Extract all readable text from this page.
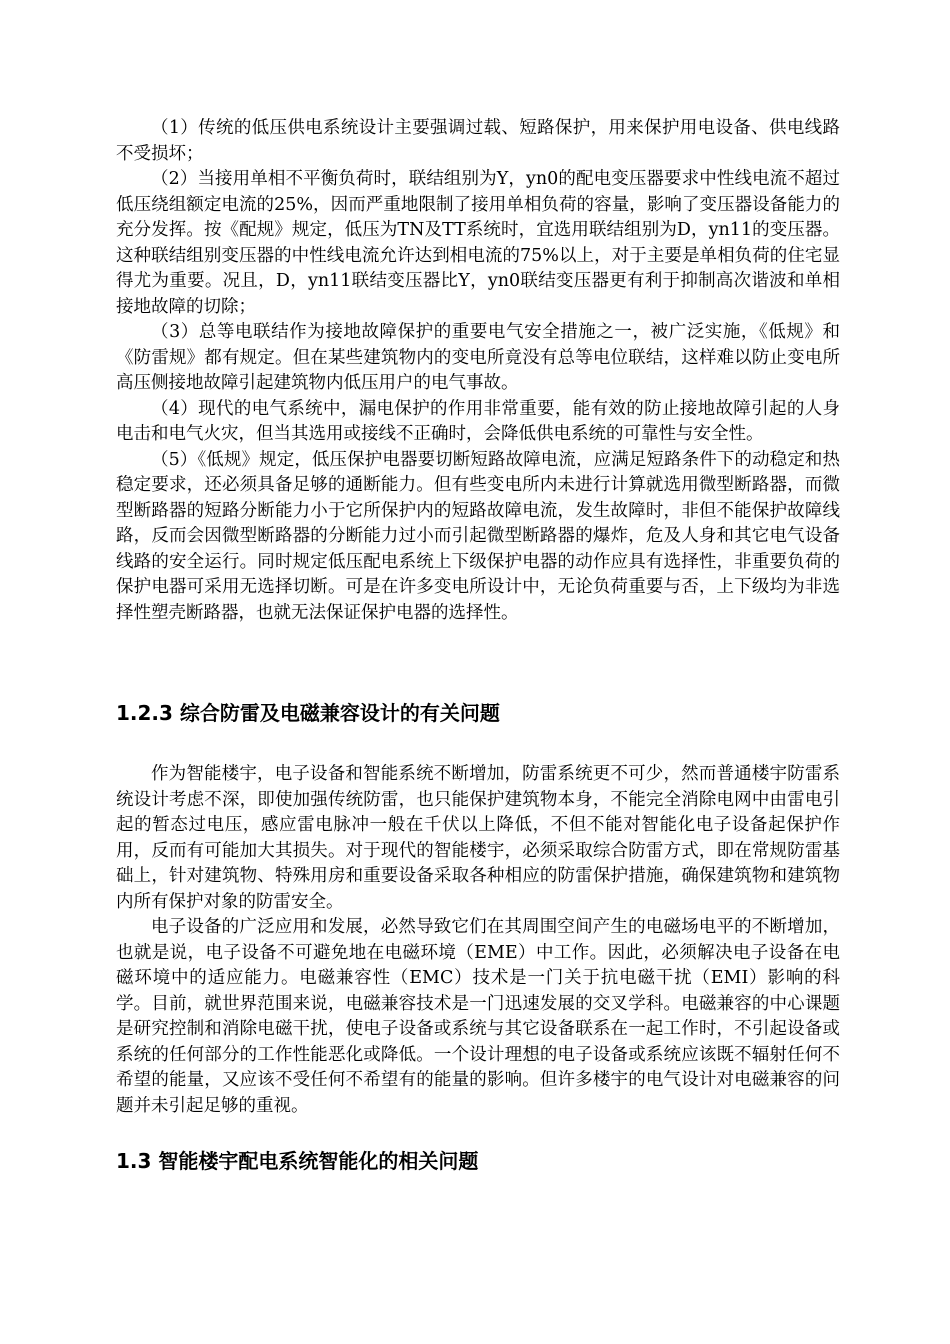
（1）传统的低压供电系统设计主要强调过载、短路保护，用来保护用电设备、供电线路不受损坏；

（2）当接用单相不平衡负荷时，联结组别为Y，yn0的配电变压器要求中性线电流不超过低压绕组额定电流的25%，因而严重地限制了接用单相负荷的容量，影响了变压器设备能力的充分发挥。按《配规》规定，低压为TN及TT系统时，宜选用联结组别为D，yn11的变压器。这种联结组别变压器的中性线电流允许达到相电流的75%以上，对于主要是单相负荷的住宅显得尤为重要。况且，D，yn11联结变压器比Y，yn0联结变压器更有利于抑制高次谐波和单相接地故障的切除；

（3）总等电联结作为接地故障保护的重要电气安全措施之一，被广泛实施，《低规》和《防雷规》都有规定。但在某些建筑物内的变电所竟没有总等电位联结，这样难以防止变电所高压侧接地故障引起建筑物内低压用户的电气事故。

（4）现代的电气系统中，漏电保护的作用非常重要，能有效的防止接地故障引起的人身电击和电气火灾，但当其选用或接线不正确时，会降低供电系统的可靠性与安全性。

（5）《低规》规定，低压保护电器要切断短路故障电流，应满足短路条件下的动稳定和热稳定要求，还必须具备足够的通断能力。但有些变电所内未进行计算就选用微型断路器，而微型断路器的短路分断能力小于它所保护内的短路故障电流，发生故障时，非但不能保护故障线路，反而会因微型断路器的分断能力过小而引起微型断路器的爆炸，危及人身和其它电气设备线路的安全运行。同时规定低压配电系统上下级保护电器的动作应具有选择性，非重要负荷的保护电器可采用无选择切断。可是在许多变电所设计中，无论负荷重要与否，上下级均为非选择性塑壳断路器，也就无法保证保护电器的选择性。

1.2.3 综合防雷及电磁兼容设计的有关问题

作为智能楼宇，电子设备和智能系统不断增加，防雷系统更不可少，然而普通楼宇防雷系统设计考虑不深，即使加强传统防雷，也只能保护建筑物本身，不能完全消除电网中由雷电引起的暂态过电压，感应雷电脉冲一般在千伏以上降低，不但不能对智能化电子设备起保护作用，反而有可能加大其损失。对于现代的智能楼宇，必须采取综合防雷方式，即在常规防雷基础上，针对建筑物、特殊用房和重要设备采取各种相应的防雷保护措施，确保建筑物和建筑物内所有保护对象的防雷安全。

电子设备的广泛应用和发展，必然导致它们在其周围空间产生的电磁场电平的不断增加，也就是说，电子设备不可避免地在电磁环境（EME）中工作。因此，必须解决电子设备在电磁环境中的适应能力。电磁兼容性（EMC）技术是一门关于抗电磁干扰（EMI）影响的科学。目前，就世界范围来说，电磁兼容技术是一门迅速发展的交叉学科。电磁兼容的中心课题是研究控制和消除电磁干扰，使电子设备或系统与其它设备联系在一起工作时，不引起设备或系统的任何部分的工作性能恶化或降低。一个设计理想的电子设备或系统应该既不辐射任何不希望的能量，又应该不受任何不希望有的能量的影响。但许多楼宇的电气设计对电磁兼容的问题并未引起足够的重视。

1.3 智能楼宇配电系统智能化的相关问题
